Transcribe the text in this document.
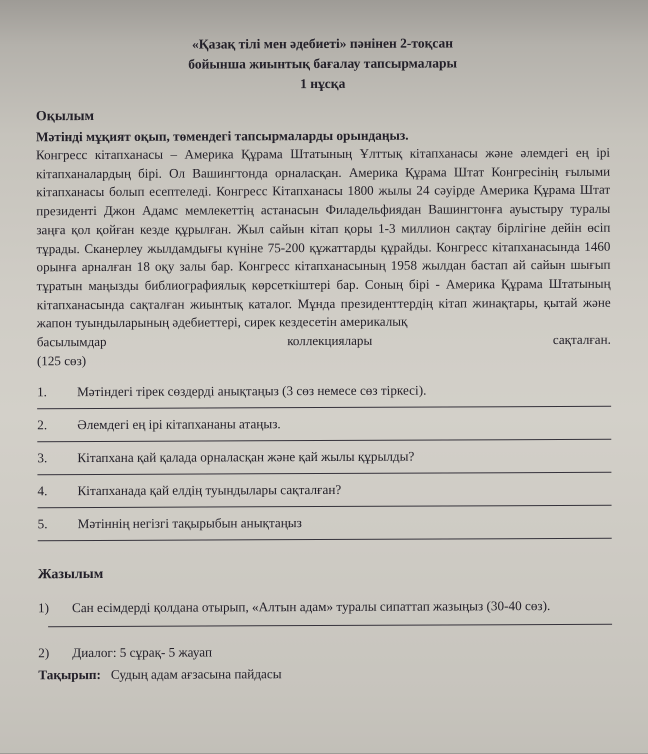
«Қазақ тілі мен әдебиеті» пәнінен 2-тоқсан
бойынша жиынтық бағалау тапсырмалары
1 нұсқа
Оқылым
Мәтінді мұқият оқып, төмендегі тапсырмаларды орындаңыз.
Конгресс кітапханасы – Америка Құрама Штатының Ұлттық кітапханасы және әлемдегі ең ірі кітапханалардың бірі. Ол Вашингтонда орналасқан. Америка Құрама Штат Конгресінің ғылыми кітапханасы болып есептеледі. Конгресс Кітапханасы 1800 жылы 24 сәуірде Америка Құрама Штат президенті Джон Адамс мемлекеттің астанасын Филадельфиядан Вашингтонға ауыстыру туралы заңға қол қойған кезде құрылған. Жыл сайын кітап қоры 1-3 миллион сақтау бірлігіне дейін өсіп тұрады. Сканерлеу жылдамдығы күніне 75-200 құжаттарды құрайды. Конгресс кітапханасында 1460 орынға арналған 18 оқу залы бар. Конгресс кітапханасының 1958 жылдан бастап ай сайын шығып тұратын маңызды библиографиялық көрсеткіштері бар. Соның бірі - Америка Құрама Штатының кітапханасында сақталған жиынтық каталог. Мұнда президенттердің кітап жинақтары, қытай және жапон туындыларының әдебиеттері, сирек кездесетін америкалық
басылымдар коллекциялары сақталған.
(125 сөз)
1.	Мәтіндегі тірек сөздерді анықтаңыз (3 сөз немесе сөз тіркесі).
2.	Әлемдегі ең ірі кітапхананы атаңыз.
3.	Кітапхана қай қалада орналасқан және қай жылы құрылды?
4.	Кітапханада қай елдің туындылары сақталған?
5.	Мәтіннің негізгі тақырыбын анықтаңыз
Жазылым
1)	Сан есімдерді қолдана отырып, «Алтын адам» туралы сипаттап жазыңыз (30-40 сөз).
2)	Диалог: 5 сұрақ- 5 жауап
Тақырып: Судың адам ағзасына пайдасы
